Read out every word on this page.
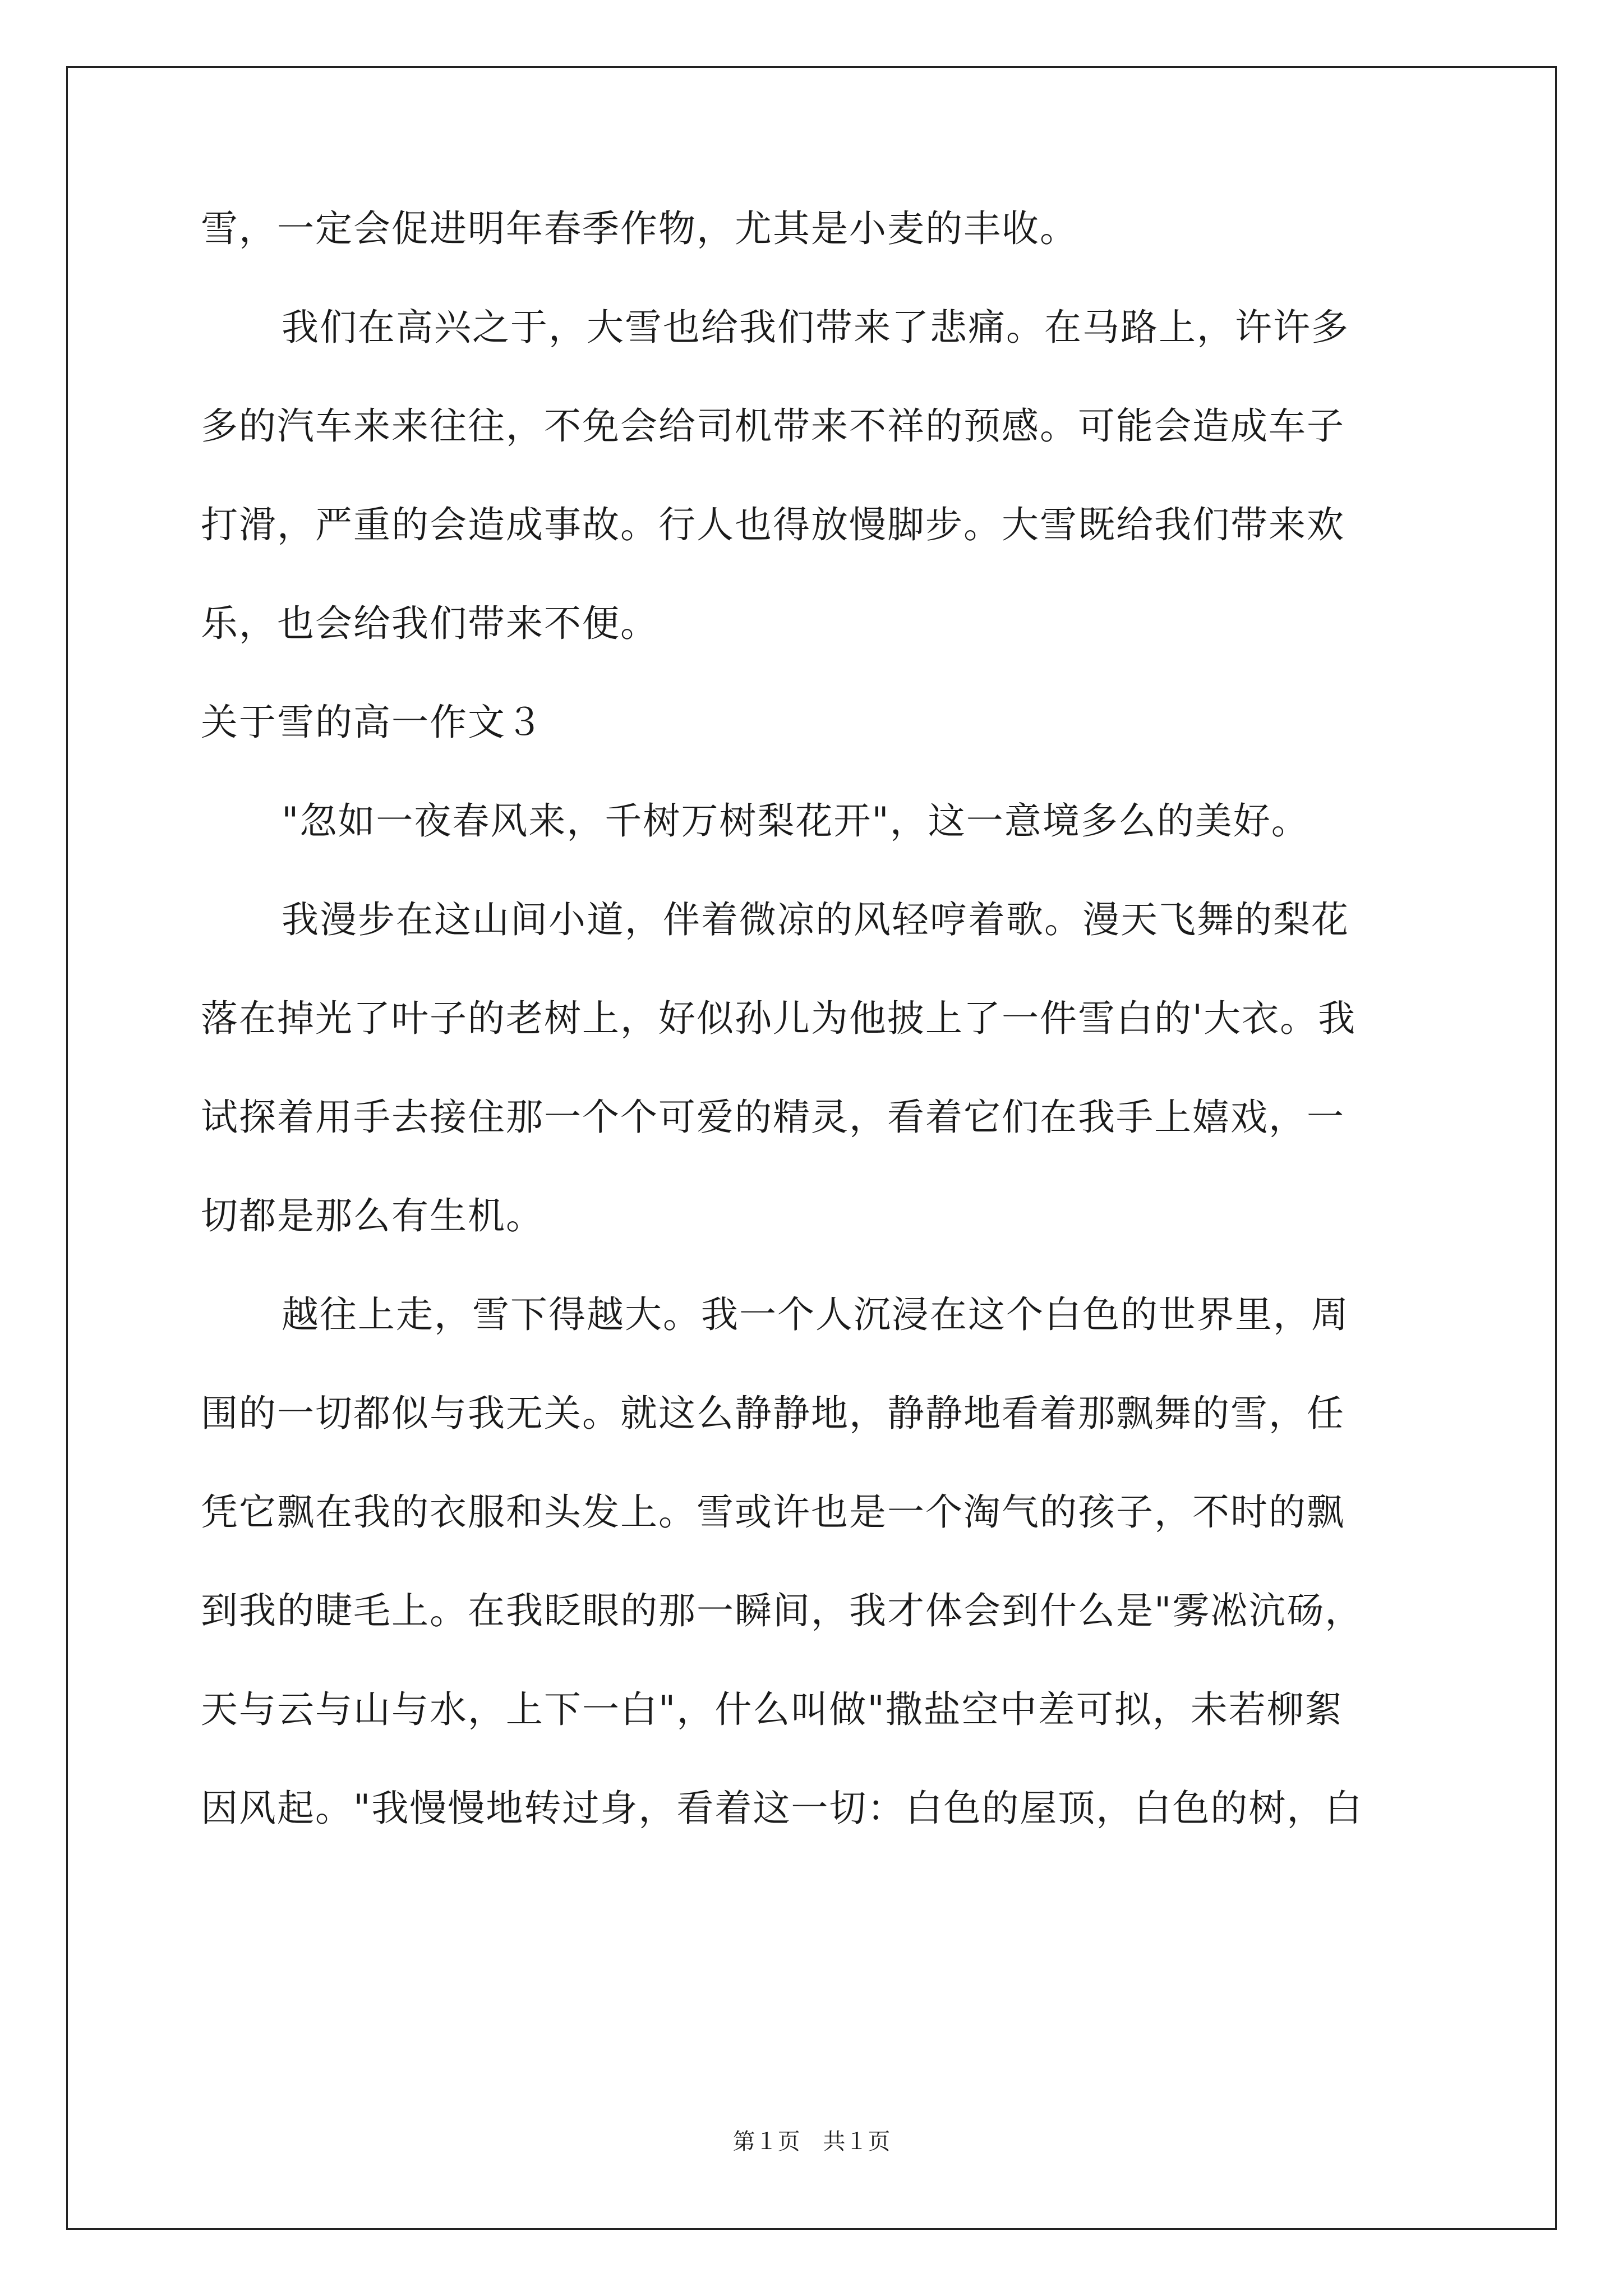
雪，一定会促进明年春季作物，尤其是小麦的丰收。
我们在高兴之于，大雪也给我们带来了悲痛。在马路上，许许多
多的汽车来来往往，不免会给司机带来不祥的预感。可能会造成车子
打滑，严重的会造成事故。行人也得放慢脚步。大雪既给我们带来欢
乐，也会给我们带来不便。
关于雪的高一作文３
"忽如一夜春风来，千树万树梨花开"，这一意境多么的美好。
我漫步在这山间小道，伴着微凉的风轻哼着歌。漫天飞舞的梨花
落在掉光了叶子的老树上，好似孙儿为他披上了一件雪白的'大衣。我
试探着用手去接住那一个个可爱的精灵，看着它们在我手上嬉戏，一
切都是那么有生机。
越往上走，雪下得越大。我一个人沉浸在这个白色的世界里，周
围的一切都似与我无关。就这么静静地，静静地看着那飘舞的雪，任
凭它飘在我的衣服和头发上。雪或许也是一个淘气的孩子，不时的飘
到我的睫毛上。在我眨眼的那一瞬间，我才体会到什么是"雾凇沆砀，
天与云与山与水，上下一白"，什么叫做"撒盐空中差可拟，未若柳絮
因风起。"我慢慢地转过身，看着这一切：白色的屋顶，白色的树，白
第１页 共１页
